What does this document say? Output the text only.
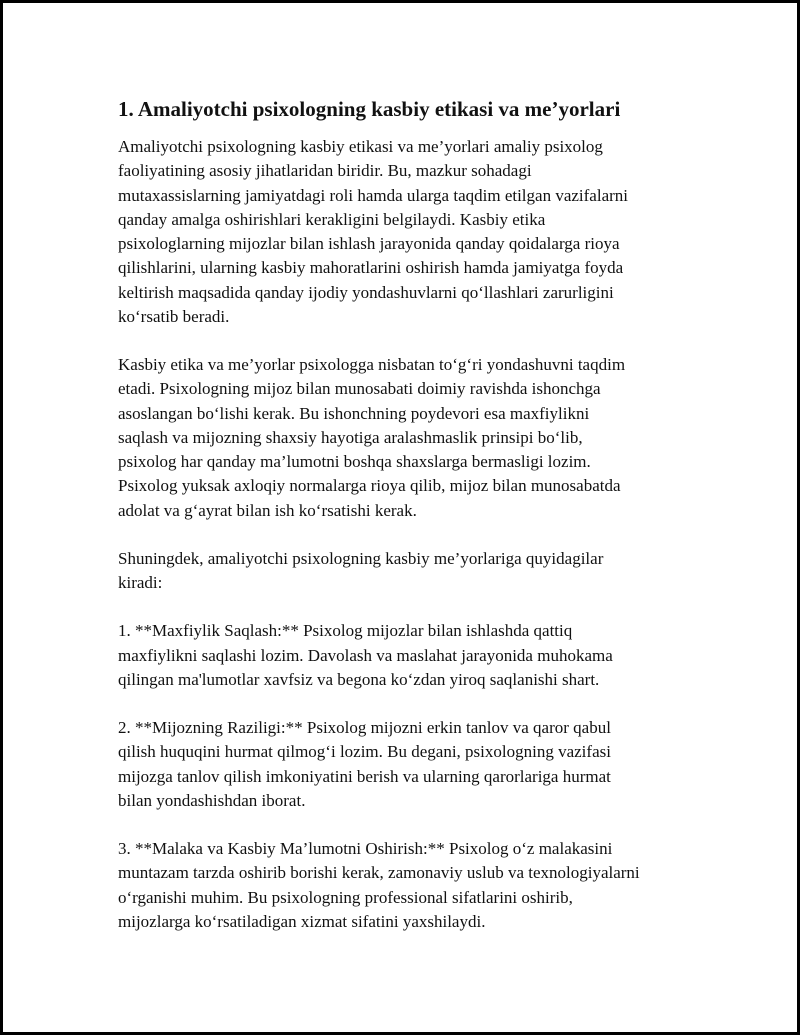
1. Amaliyotchi psixologning kasbiy etikasi va me’yorlari

Amaliyotchi psixologning kasbiy etikasi va me’yorlari amaliy psixolog
faoliyatining asosiy jihatlaridan biridir. Bu, mazkur sohadagi
mutaxassislarning jamiyatdagi roli hamda ularga taqdim etilgan vazifalarni
qanday amalga oshirishlari kerakligini belgilaydi. Kasbiy etika
psixologlarning mijozlar bilan ishlash jarayonida qanday qoidalarga rioya
qilishlarini, ularning kasbiy mahoratlarini oshirish hamda jamiyatga foyda
keltirish maqsadida qanday ijodiy yondashuvlarni qo‘llashlari zarurligini
ko‘rsatib beradi.

Kasbiy etika va me’yorlar psixologga nisbatan to‘g‘ri yondashuvni taqdim
etadi. Psixologning mijoz bilan munosabati doimiy ravishda ishonchga
asoslangan bo‘lishi kerak. Bu ishonchning poydevori esa maxfiylikni
saqlash va mijozning shaxsiy hayotiga aralashmaslik prinsipi bo‘lib,
psixolog har qanday ma’lumotni boshqa shaxslarga bermasligi lozim.
Psixolog yuksak axloqiy normalarga rioya qilib, mijoz bilan munosabatda
adolat va g‘ayrat bilan ish ko‘rsatishi kerak.

Shuningdek, amaliyotchi psixologning kasbiy me’yorlariga quyidagilar
kiradi:

1. **Maxfiylik Saqlash:** Psixolog mijozlar bilan ishlashda qattiq
maxfiylikni saqlashi lozim. Davolash va maslahat jarayonida muhokama
qilingan ma'lumotlar xavfsiz va begona ko‘zdan yiroq saqlanishi shart.

2. **Mijozning Raziligi:** Psixolog mijozni erkin tanlov va qaror qabul
qilish huquqini hurmat qilmog‘i lozim. Bu degani, psixologning vazifasi
mijozga tanlov qilish imkoniyatini berish va ularning qarorlariga hurmat
bilan yondashishdan iborat.

3. **Malaka va Kasbiy Ma’lumotni Oshirish:** Psixolog o‘z malakasini
muntazam tarzda oshirib borishi kerak, zamonaviy uslub va texnologiyalarni
o‘rganishi muhim. Bu psixologning professional sifatlarini oshirib,
mijozlarga ko‘rsatiladigan xizmat sifatini yaxshilaydi.
